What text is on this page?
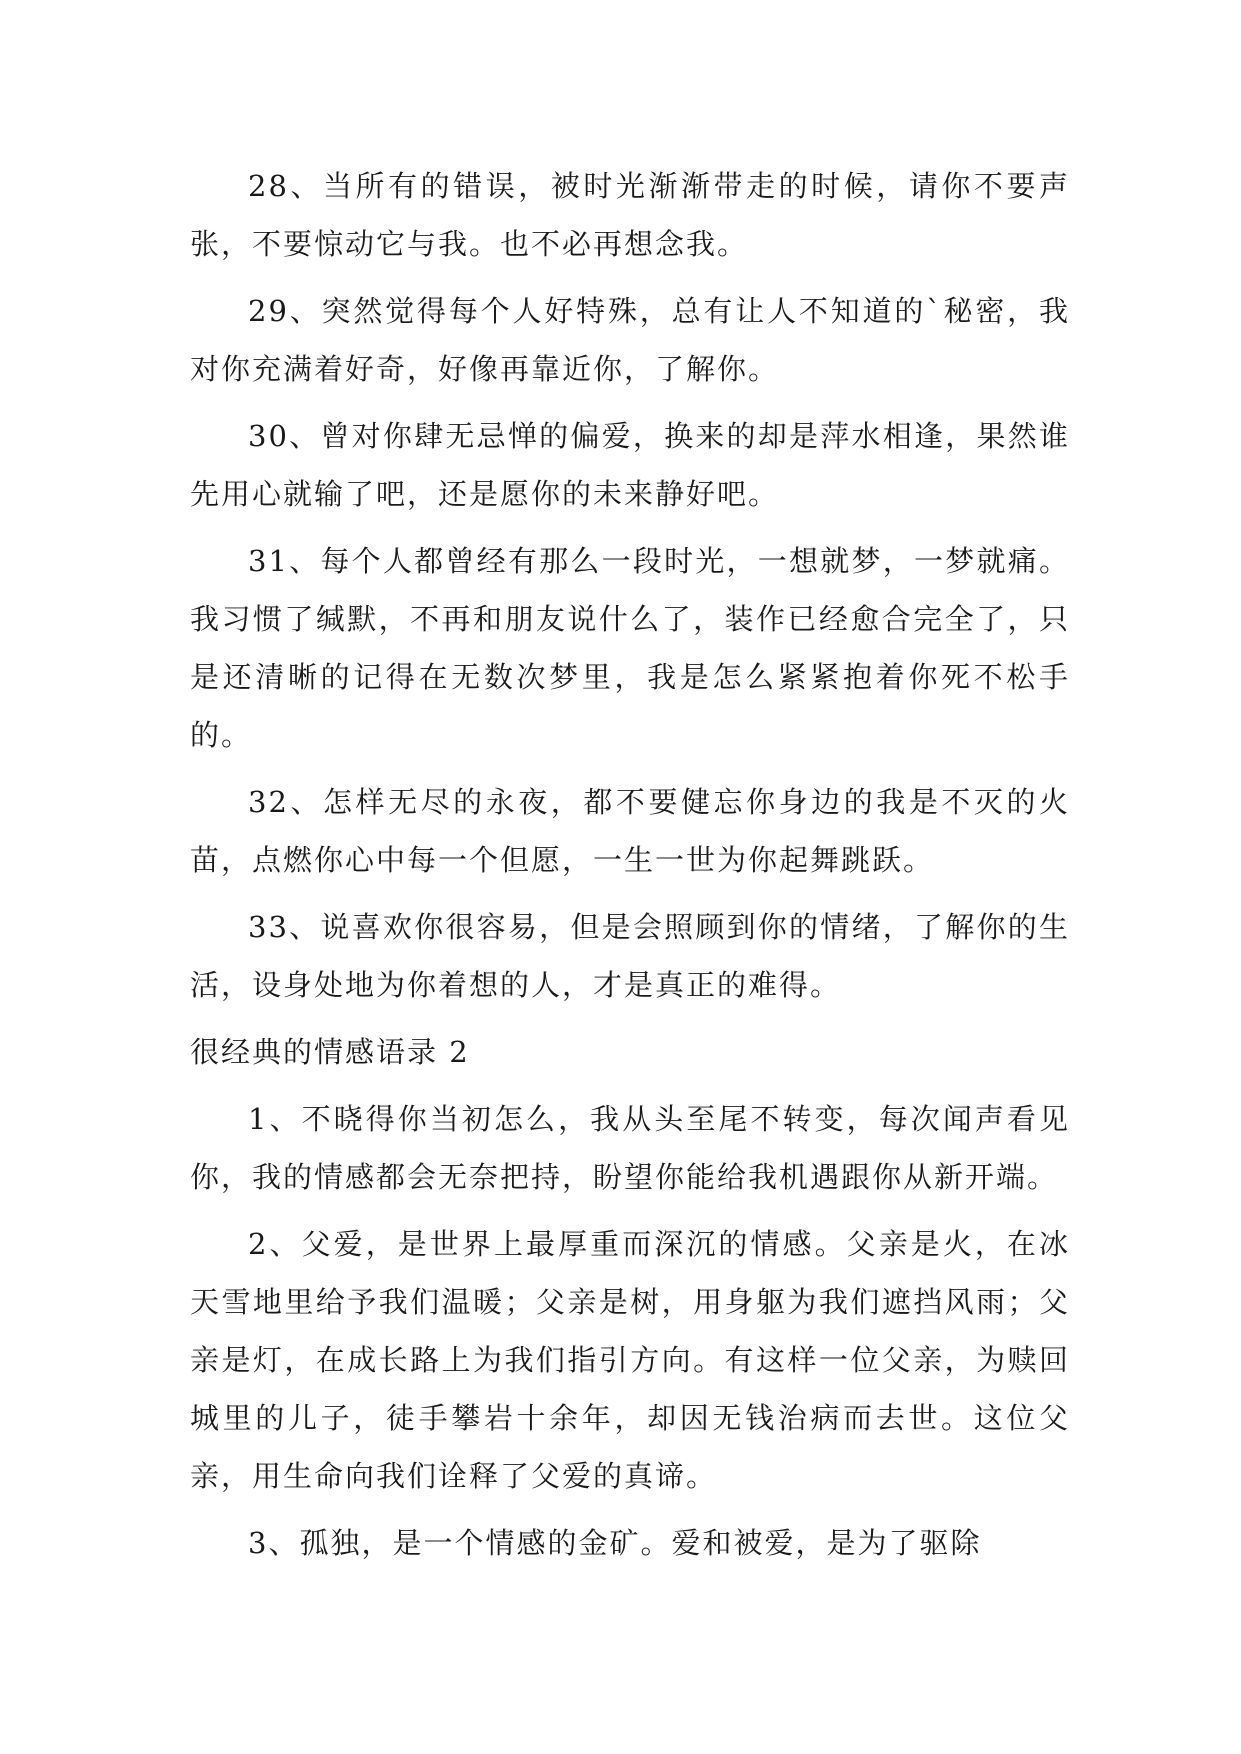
28、当所有的错误，被时光渐渐带走的时候，请你不要声张，不要惊动它与我。也不必再想念我。

29、突然觉得每个人好特殊，总有让人不知道的`秘密，我对你充满着好奇，好像再靠近你，了解你。

30、曾对你肆无忌惮的偏爱，换来的却是萍水相逢，果然谁先用心就输了吧，还是愿你的未来静好吧。

31、每个人都曾经有那么一段时光，一想就梦，一梦就痛。我习惯了缄默，不再和朋友说什么了，装作已经愈合完全了，只是还清晰的记得在无数次梦里，我是怎么紧紧抱着你死不松手的。

32、怎样无尽的永夜，都不要健忘你身边的我是不灭的火苗，点燃你心中每一个但愿，一生一世为你起舞跳跃。

33、说喜欢你很容易，但是会照顾到你的情绪，了解你的生活，设身处地为你着想的人，才是真正的难得。

很经典的情感语录 2

1、不晓得你当初怎么，我从头至尾不转变，每次闻声看见你，我的情感都会无奈把持，盼望你能给我机遇跟你从新开端。

2、父爱，是世界上最厚重而深沉的情感。父亲是火，在冰天雪地里给予我们温暖；父亲是树，用身躯为我们遮挡风雨；父亲是灯，在成长路上为我们指引方向。有这样一位父亲，为赎回城里的儿子，徒手攀岩十余年，却因无钱治病而去世。这位父亲，用生命向我们诠释了父爱的真谛。

3、孤独，是一个情感的金矿。爱和被爱，是为了驱除
